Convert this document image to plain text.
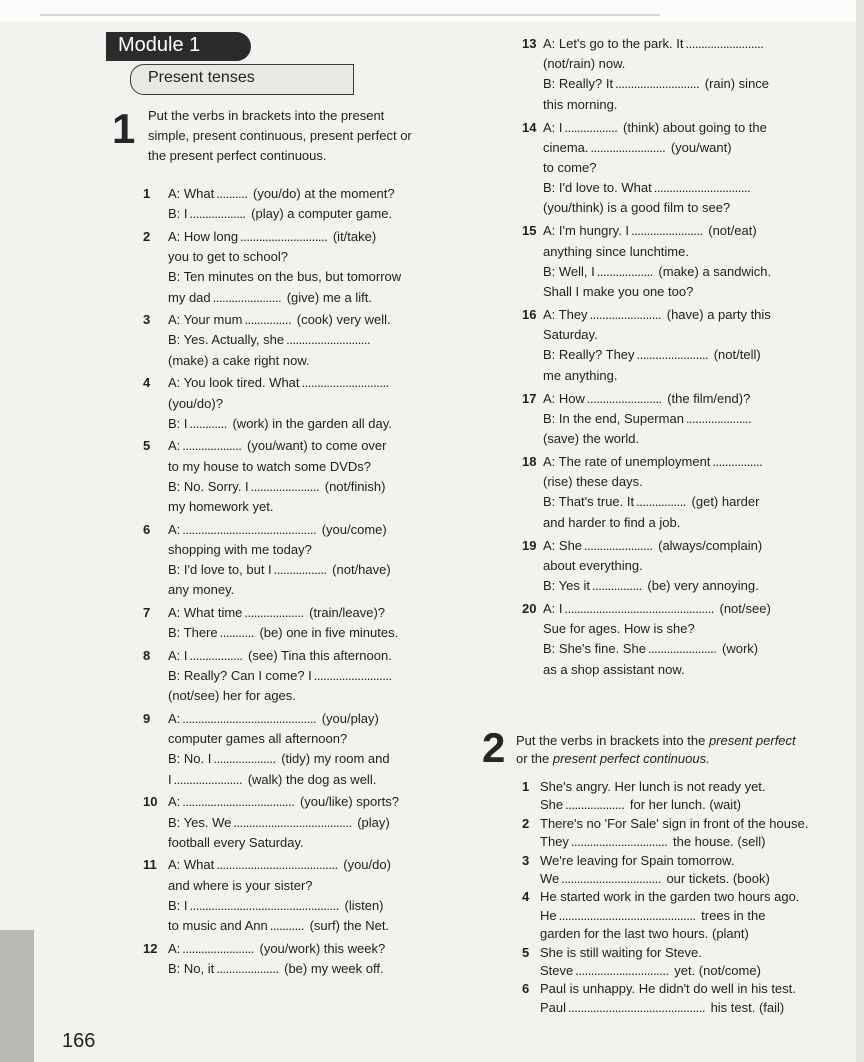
Module 1
Present tenses
1 Put the verbs in brackets into the present
simple, present continuous, present perfect or
the present perfect continuous.
1 A: What .......... (you/do) at the moment?
B: I .................. (play) a computer game.
2 A: How long ............................ (it/take)
you to get to school?
B: Ten minutes on the bus, but tomorrow
my dad ...................... (give) me a lift.
3 A: Your mum ............... (cook) very well.
B: Yes. Actually, she ...........................
(make) a cake right now.
4 A: You look tired. What ............................
(you/do)?
B: I ............ (work) in the garden all day.
5 A: ................... (you/want) to come over
to my house to watch some DVDs?
B: No. Sorry. I ...................... (not/finish)
my homework yet.
6 A: ........................................... (you/come)
shopping with me today?
B: I'd love to, but I ................. (not/have)
any money.
7 A: What time ................... (train/leave)?
B: There ........... (be) one in five minutes.
8 A: I ................. (see) Tina this afternoon.
B: Really? Can I come? I .........................
(not/see) her for ages.
9 A: ........................................... (you/play)
computer games all afternoon?
B: No. I .................... (tidy) my room and
I ...................... (walk) the dog as well.
10 A: .................................... (you/like) sports?
B: Yes. We ...................................... (play)
football every Saturday.
11 A: What ....................................... (you/do)
and where is your sister?
B: I ................................................ (listen)
to music and Ann ........... (surf) the Net.
12 A: ....................... (you/work) this week?
B: No, it .................... (be) my week off.
13 A: Let's go to the park. It .........................
(not/rain) now.
B: Really? It ........................... (rain) since
this morning.
14 A: I ................. (think) about going to the
cinema. ........................ (you/want)
to come?
B: I'd love to. What ...............................
(you/think) is a good film to see?
15 A: I'm hungry. I ....................... (not/eat)
anything since lunchtime.
B: Well, I .................. (make) a sandwich.
Shall I make you one too?
16 A: They ....................... (have) a party this
Saturday.
B: Really? They ....................... (not/tell)
me anything.
17 A: How ........................ (the film/end)?
B: In the end, Superman .....................
(save) the world.
18 A: The rate of unemployment ................
(rise) these days.
B: That's true. It ................ (get) harder
and harder to find a job.
19 A: She ...................... (always/complain)
about everything.
B: Yes it ................ (be) very annoying.
20 A: I ................................................ (not/see)
Sue for ages. How is she?
B: She's fine. She ...................... (work)
as a shop assistant now.
2 Put the verbs in brackets into the present perfect
or the present perfect continuous.
1 She's angry. Her lunch is not ready yet.
She ................... for her lunch. (wait)
2 There's no 'For Sale' sign in front of the house.
They ............................... the house. (sell)
3 We're leaving for Spain tomorrow.
We ................................ our tickets. (book)
4 He started work in the garden two hours ago.
He ............................................ trees in the
garden for the last two hours. (plant)
5 She is still waiting for Steve.
Steve .............................. yet. (not/come)
6 Paul is unhappy. He didn't do well in his test.
Paul ............................................ his test. (fail)
166
